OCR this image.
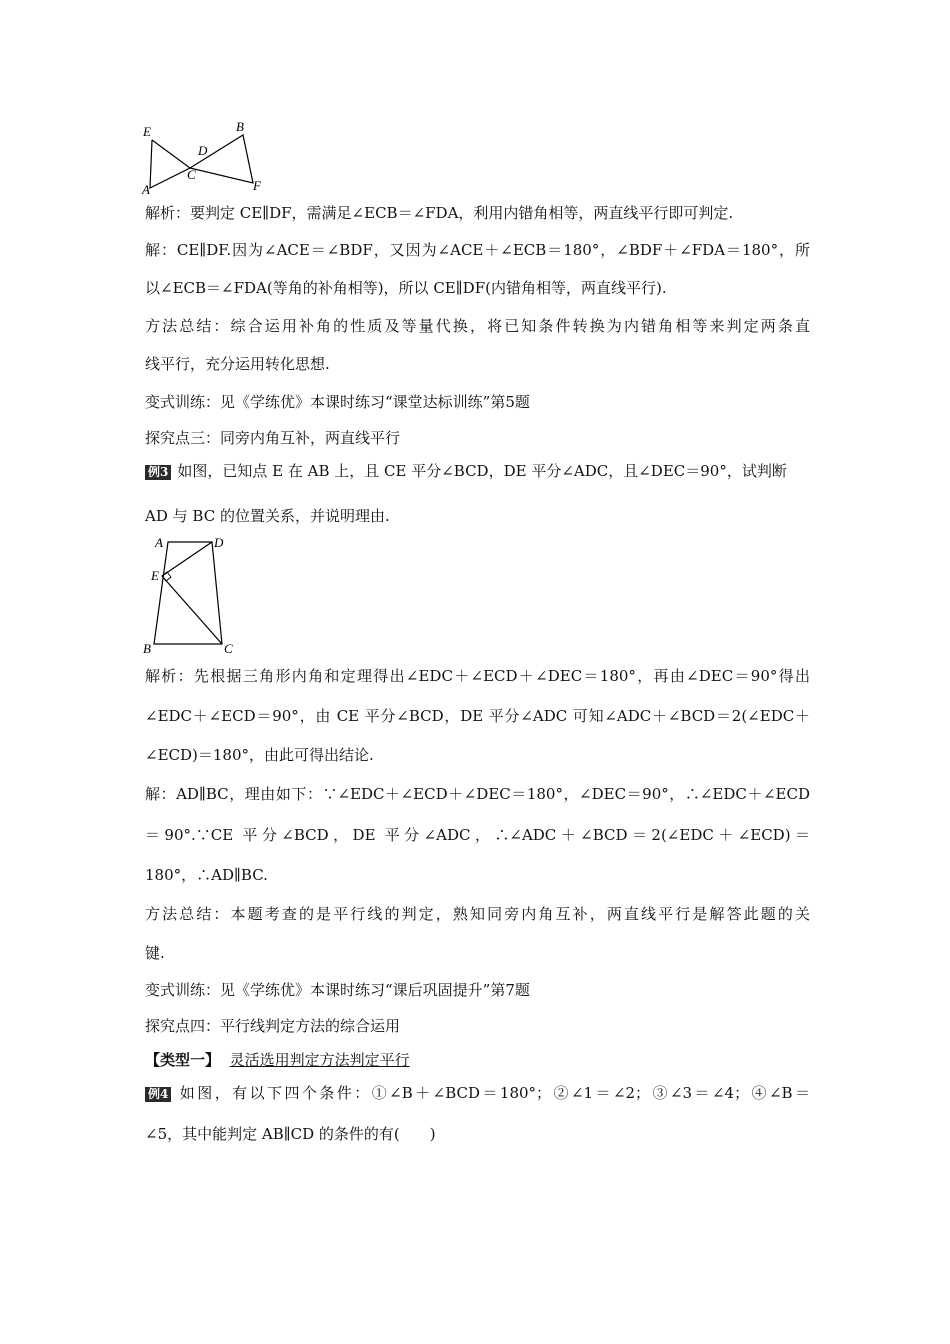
E
A
C
D
B
F
解析：要判定 CE∥DF，需满足∠ECB＝∠FDA，利用内错角相等，两直线平行即可判定.
解：CE∥DF.因为∠ACE＝∠BDF，又因为∠ACE＋∠ECB＝180°，∠BDF＋∠FDA＝180°，所
以∠ECB＝∠FDA(等角的补角相等)，所以 CE∥DF(内错角相等，两直线平行).
方法总结：综合运用补角的性质及等量代换，将已知条件转换为内错角相等来判定两条直
线平行，充分运用转化思想.
变式训练：见《学练优》本课时练习“课堂达标训练”第5题
探究点三：同旁内角互补，两直线平行
例3 如图，已知点 E 在 AB 上，且 CE 平分∠BCD，DE 平分∠ADC，且∠DEC＝90°，试判断
AD 与 BC 的位置关系，并说明理由.
A	D
E
B	C
解析：先根据三角形内角和定理得出∠EDC＋∠ECD＋∠DEC＝180°，再由∠DEC＝90°得出
∠EDC＋∠ECD＝90°，由 CE 平分∠BCD，DE 平分∠ADC 可知∠ADC＋∠BCD＝2(∠EDC＋
∠ECD)＝180°，由此可得出结论.
解：AD∥BC，理由如下：∵∠EDC＋∠ECD＋∠DEC＝180°，∠DEC＝90°，∴∠EDC＋∠ECD
＝90°.∵CE 平分∠BCD，DE 平分∠ADC，∴∠ADC＋∠BCD＝2(∠EDC＋∠ECD)＝
180°，∴AD∥BC.
方法总结：本题考查的是平行线的判定，熟知同旁内角互补，两直线平行是解答此题的关
键.
变式训练：见《学练优》本课时练习“课后巩固提升”第7题
探究点四：平行线判定方法的综合运用
【类型一】 灵活选用判定方法判定平行
例4 如图，有以下四个条件：①∠B＋∠BCD＝180°；②∠1＝∠2；③∠3＝∠4；④∠B＝
∠5，其中能判定 AB∥CD 的条件的有(　　)
